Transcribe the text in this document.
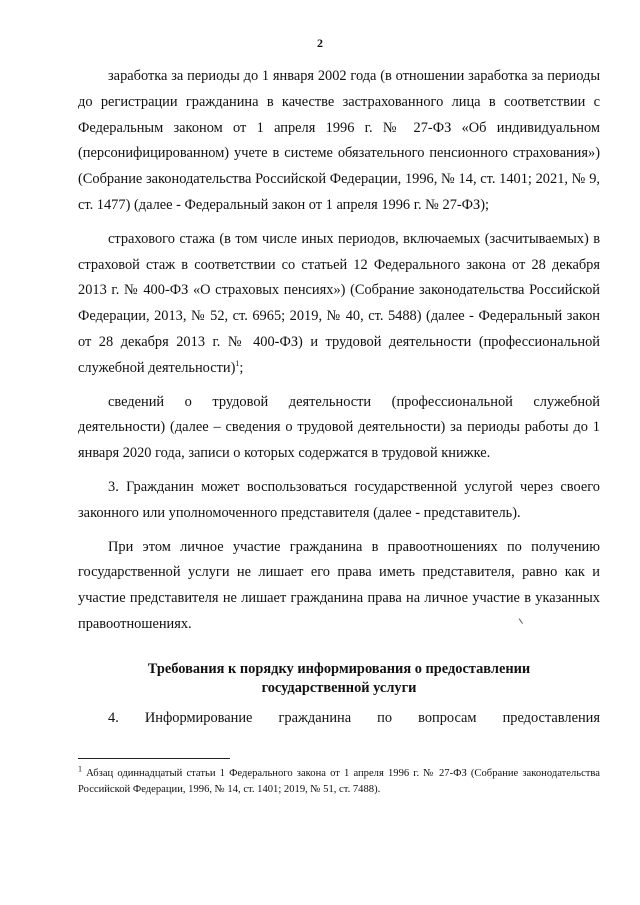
2

заработка за периоды до 1 января 2002 года (в отношении заработка за периоды до регистрации гражданина в качестве застрахованного лица в соответствии с Федеральным законом от 1 апреля 1996 г. № 27-ФЗ «Об индивидуальном (персонифицированном) учете в системе обязательного пенсионного страхования») (Собрание законодательства Российской Федерации, 1996, № 14, ст. 1401; 2021, № 9, ст. 1477) (далее - Федеральный закон от 1 апреля 1996 г. № 27-ФЗ);

страхового стажа (в том числе иных периодов, включаемых (засчитываемых) в страховой стаж в соответствии со статьей 12 Федерального закона от 28 декабря 2013 г. № 400-ФЗ «О страховых пенсиях») (Собрание законодательства Российской Федерации, 2013, № 52, ст. 6965; 2019, № 40, ст. 5488) (далее - Федеральный закон от 28 декабря 2013 г. № 400-ФЗ) и трудовой деятельности (профессиональной служебной деятельности)$^1$;

сведений о трудовой деятельности (профессиональной служебной деятельности) (далее – сведения о трудовой деятельности) за периоды работы до 1 января 2020 года, записи о которых содержатся в трудовой книжке.

3. Гражданин может воспользоваться государственной услугой через своего законного или уполномоченного представителя (далее - представитель).

При этом личное участие гражданина в правоотношениях по получению государственной услуги не лишает его права иметь представителя, равно как и участие представителя не лишает гражданина права на личное участие в указанных правоотношениях.

Требования к порядку информирования о предоставлении
государственной услуги
4. Информирование гражданина по вопросам предоставления
$^1$ Абзац одиннадцатый статьи 1 Федерального закона от 1 апреля 1996 г. № 27-ФЗ (Собрание законодательства Российской Федерации, 1996, № 14, ст. 1401; 2019, № 51, ст. 7488).
